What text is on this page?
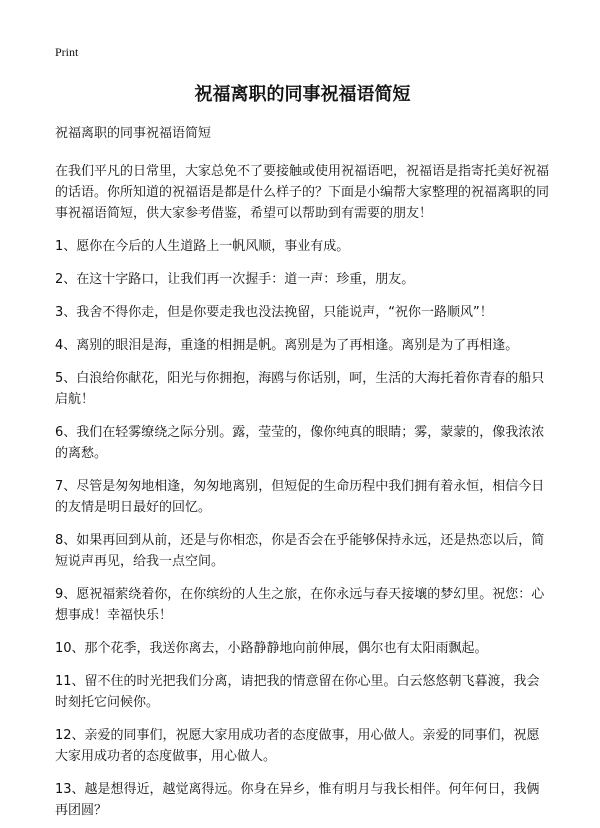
Print
祝福离职的同事祝福语简短
祝福离职的同事祝福语简短
在我们平凡的日常里，大家总免不了要接触或使用祝福语吧，祝福语是指寄托美好祝福的话语。你所知道的祝福语是都是什么样子的？下面是小编帮大家整理的祝福离职的同事祝福语简短，供大家参考借鉴，希望可以帮助到有需要的朋友！
1、愿你在今后的人生道路上一帆风顺，事业有成。
2、在这十字路口，让我们再一次握手：道一声：珍重，朋友。
3、我舍不得你走，但是你要走我也没法挽留，只能说声，“祝你一路顺风”！
4、离别的眼泪是海，重逢的相拥是帆。离别是为了再相逢。离别是为了再相逢。
5、白浪给你献花，阳光与你拥抱，海鸥与你话别，呵，生活的大海托着你青春的船只启航！
6、我们在轻雾缭绕之际分别。露，莹莹的，像你纯真的眼睛；雾，蒙蒙的，像我浓浓的离愁。
7、尽管是匆匆地相逢，匆匆地离别，但短促的生命历程中我们拥有着永恒，相信今日的友情是明日最好的回忆。
8、如果再回到从前，还是与你相恋，你是否会在乎能够保持永远，还是热恋以后，简短说声再见，给我一点空间。
9、愿祝福萦绕着你，在你缤纷的人生之旅，在你永远与春天接壤的梦幻里。祝您：心想事成！幸福快乐！
10、那个花季，我送你离去，小路静静地向前伸展，偶尔也有太阳雨飘起。
11、留不住的时光把我们分离，请把我的情意留在你心里。白云悠悠朝飞暮渡，我会时刻托它问候你。
12、亲爱的同事们，祝愿大家用成功者的态度做事，用心做人。亲爱的同事们，祝愿大家用成功者的态度做事，用心做人。
13、越是想得近，越觉离得远。你身在异乡，惟有明月与我长相伴。何年何日，我俩再团圆？
